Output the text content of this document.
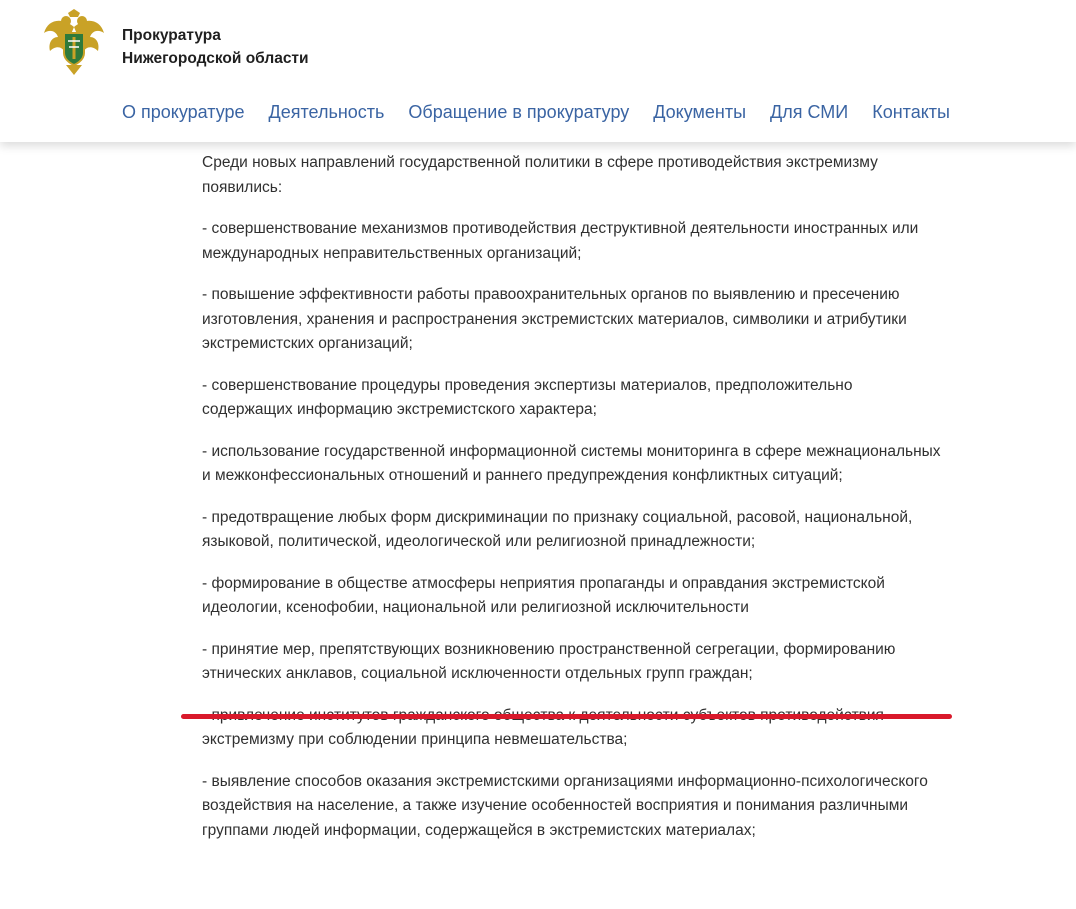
Прокуратура
Нижегородской области
О прокуратуре Деятельность Обращение в прокуратуру Документы Для СМИ Контакты

Среди новых направлений государственной политики в сфере противодействия экстремизму появились:

- совершенствование механизмов противодействия деструктивной деятельности иностранных или международных неправительственных организаций;

- повышение эффективности работы правоохранительных органов по выявлению и пресечению изготовления, хранения и распространения экстремистских материалов, символики и атрибутики экстремистских организаций;

- совершенствование процедуры проведения экспертизы материалов, предположительно содержащих информацию экстремистского характера;

- использование государственной информационной системы мониторинга в сфере межнациональных и межконфессиональных отношений и раннего предупреждения конфликтных ситуаций;

- предотвращение любых форм дискриминации по признаку социальной, расовой, национальной, языковой, политической, идеологической или религиозной принадлежности;

- формирование в обществе атмосферы неприятия пропаганды и оправдания экстремистской идеологии, ксенофобии, национальной или религиозной исключительности

- принятие мер, препятствующих возникновению пространственной сегрегации, формированию этнических анклавов, социальной исключенности отдельных групп граждан;

экстремизму при соблюдении принципа невмешательства;

- выявление способов оказания экстремистскими организациями информационно-психологического воздействия на население, а также изучение особенностей восприятия и понимания различными группами людей информации, содержащейся в экстремистских материалах;
